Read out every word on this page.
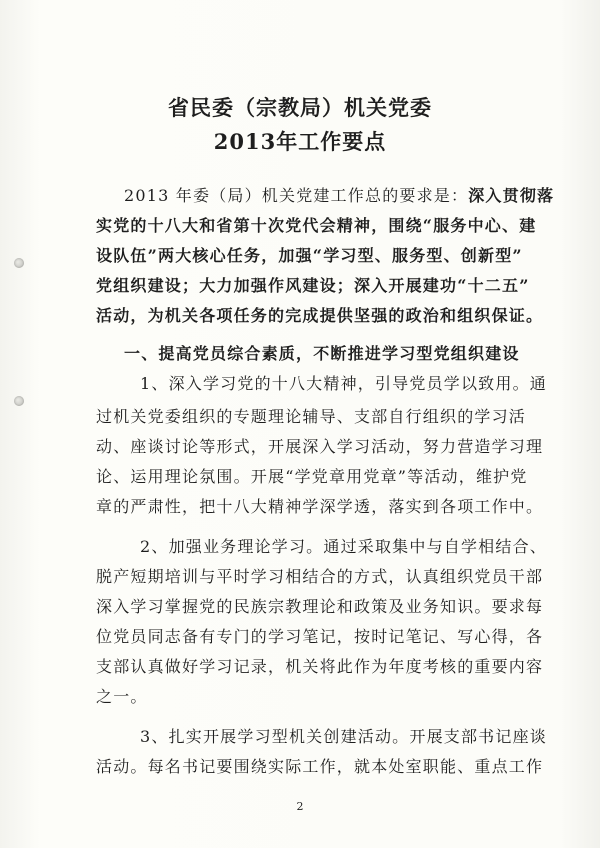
省民委（宗教局）机关党委
2013年工作要点
2013 年委（局）机关党建工作总的要求是：深入贯彻落
实党的十八大和省第十次党代会精神，围绕“服务中心、建
设队伍”两大核心任务，加强“学习型、服务型、创新型”
党组织建设；大力加强作风建设；深入开展建功“十二五”
活动，为机关各项任务的完成提供坚强的政治和组织保证。
一、提高党员综合素质，不断推进学习型党组织建设
1、深入学习党的十八大精神，引导党员学以致用。通
过机关党委组织的专题理论辅导、支部自行组织的学习活
动、座谈讨论等形式，开展深入学习活动，努力营造学习理
论、运用理论氛围。开展“学党章用党章”等活动，维护党
章的严肃性，把十八大精神学深学透，落实到各项工作中。
2、加强业务理论学习。通过采取集中与自学相结合、
脱产短期培训与平时学习相结合的方式，认真组织党员干部
深入学习掌握党的民族宗教理论和政策及业务知识。要求每
位党员同志备有专门的学习笔记，按时记笔记、写心得，各
支部认真做好学习记录，机关将此作为年度考核的重要内容
之一。
3、扎实开展学习型机关创建活动。开展支部书记座谈
活动。每名书记要围绕实际工作，就本处室职能、重点工作
2
